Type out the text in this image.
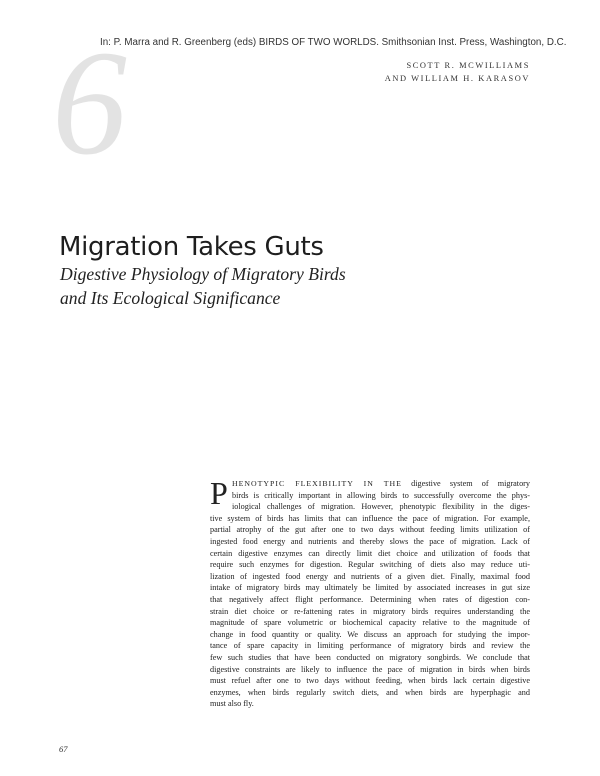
In: P. Marra and R. Greenberg (eds) BIRDS OF TWO WORLDS. Smithsonian Inst. Press, Washington, D.C.
6	SCOTT R. MCWILLIAMS
AND WILLIAM H. KARASOV
Migration Takes Guts
Digestive Physiology of Migratory Birds
and Its Ecological Significance
P HENOTYPIC FLEXIBILITY IN THE digestive system of migratory
birds is critically important in allowing birds to successfully overcome the phys-
iological challenges of migration. However, phenotypic flexibility in the diges-
tive system of birds has limits that can influence the pace of migration. For example,
partial atrophy of the gut after one to two days without feeding limits utilization of
ingested food energy and nutrients and thereby slows the pace of migration. Lack of
certain digestive enzymes can directly limit diet choice and utilization of foods that
require such enzymes for digestion. Regular switching of diets also may reduce uti-
lization of ingested food energy and nutrients of a given diet. Finally, maximal food
intake of migratory birds may ultimately be limited by associated increases in gut size
that negatively affect flight performance. Determining when rates of digestion con-
strain diet choice or re-fattening rates in migratory birds requires understanding the
magnitude of spare volumetric or biochemical capacity relative to the magnitude of
change in food quantity or quality. We discuss an approach for studying the impor-
tance of spare capacity in limiting performance of migratory birds and review the
few such studies that have been conducted on migratory songbirds. We conclude that
digestive constraints are likely to influence the pace of migration in birds when birds
must refuel after one to two days without feeding, when birds lack certain digestive
enzymes, when birds regularly switch diets, and when birds are hyperphagic and
must also fly.
67
